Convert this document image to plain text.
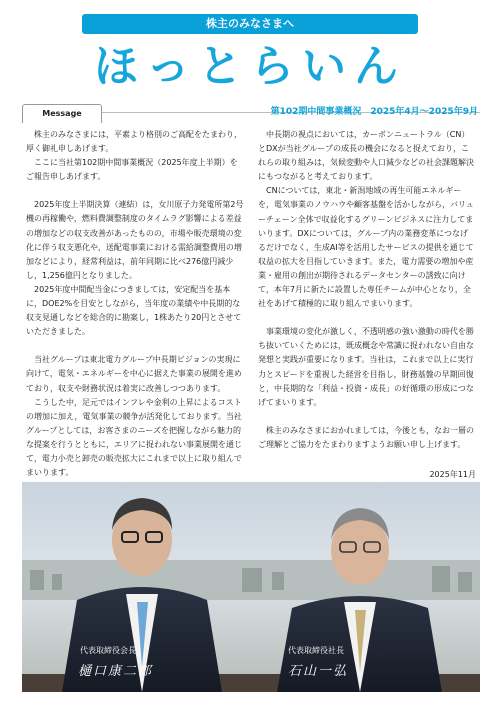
株主のみなさまへ
ほっとらいん
Message	第102期中間事業概況　2025年4月～2025年9月

株主のみなさまには，平素より格別のご高配をたまわり，厚く御礼申しあげます。

ここに当社第102期中間事業概況（2025年度上半期）をご報告申しあげます。

2025年度上半期決算（連結）は，女川原子力発電所第2号機の再稼働や，燃料費調整制度のタイムラグ影響による差益の増加などの収支改善があったものの，市場や販売環境の変化に伴う収支悪化や，送配電事業における需給調整費用の増加などにより，経常利益は，前年同期に比べ276億円減少し，1,256億円となりました。

2025年度中間配当金につきましては，安定配当を基本に，DOE2%を目安としながら，当年度の業績や中長期的な収支見通しなどを総合的に勘案し，1株あたり20円とさせていただきました。

当社グループは東北電力グループ中長期ビジョンの実現に向けて，電気・エネルギーを中心に据えた事業の展開を進めており，収支や財務状況は着実に改善しつつあります。

こうした中，足元ではインフレや金利の上昇によるコストの増加に加え，電気事業の競争が活発化しております。当社グループとしては，お客さまのニーズを把握しながら魅力的な提案を行うとともに，エリアに捉われない事業展開を通じて，電力小売と卸売の販売拡大にこれまで以上に取り組んでまいります。

中長期の視点においては，カーボンニュートラル（CN）とDXが当社グループの成長の機会になると捉えており，これらの取り組みは，気候変動や人口減少などの社会課題解決にもつながると考えております。

CNについては，東北・新潟地域の再生可能エネルギーを，電気事業のノウハウや顧客基盤を活かしながら，バリューチェーン全体で収益化するグリーンビジネスに注力してまいります。DXについては，グループ内の業務変革につなげるだけでなく，生成AI等を活用したサービスの提供を通じて収益の拡大を目指していきます。また，電力需要の増加や産業・雇用の創出が期待されるデータセンターの誘致に向けて，本年7月に新たに設置した専任チームが中心となり，全社をあげて積極的に取り組んでまいります。

事業環境の変化が激しく，不透明感の強い激動の時代を勝ち抜いていくためには，既成概念や常識に捉われない自由な発想と実践が重要になります。当社は，これまで以上に実行力とスピードを重視した経営を目指し，財務基盤の早期回復と，中長期的な「利益・投資・成長」の好循環の形成につなげてまいります。

株主のみなさまにおかれましては，今後とも，なお一層のご理解とご協力をたまわりますようお願い申し上げます。

2025年11月

代表取締役会長
樋口康二郎
代表取締役社長
石山一弘
